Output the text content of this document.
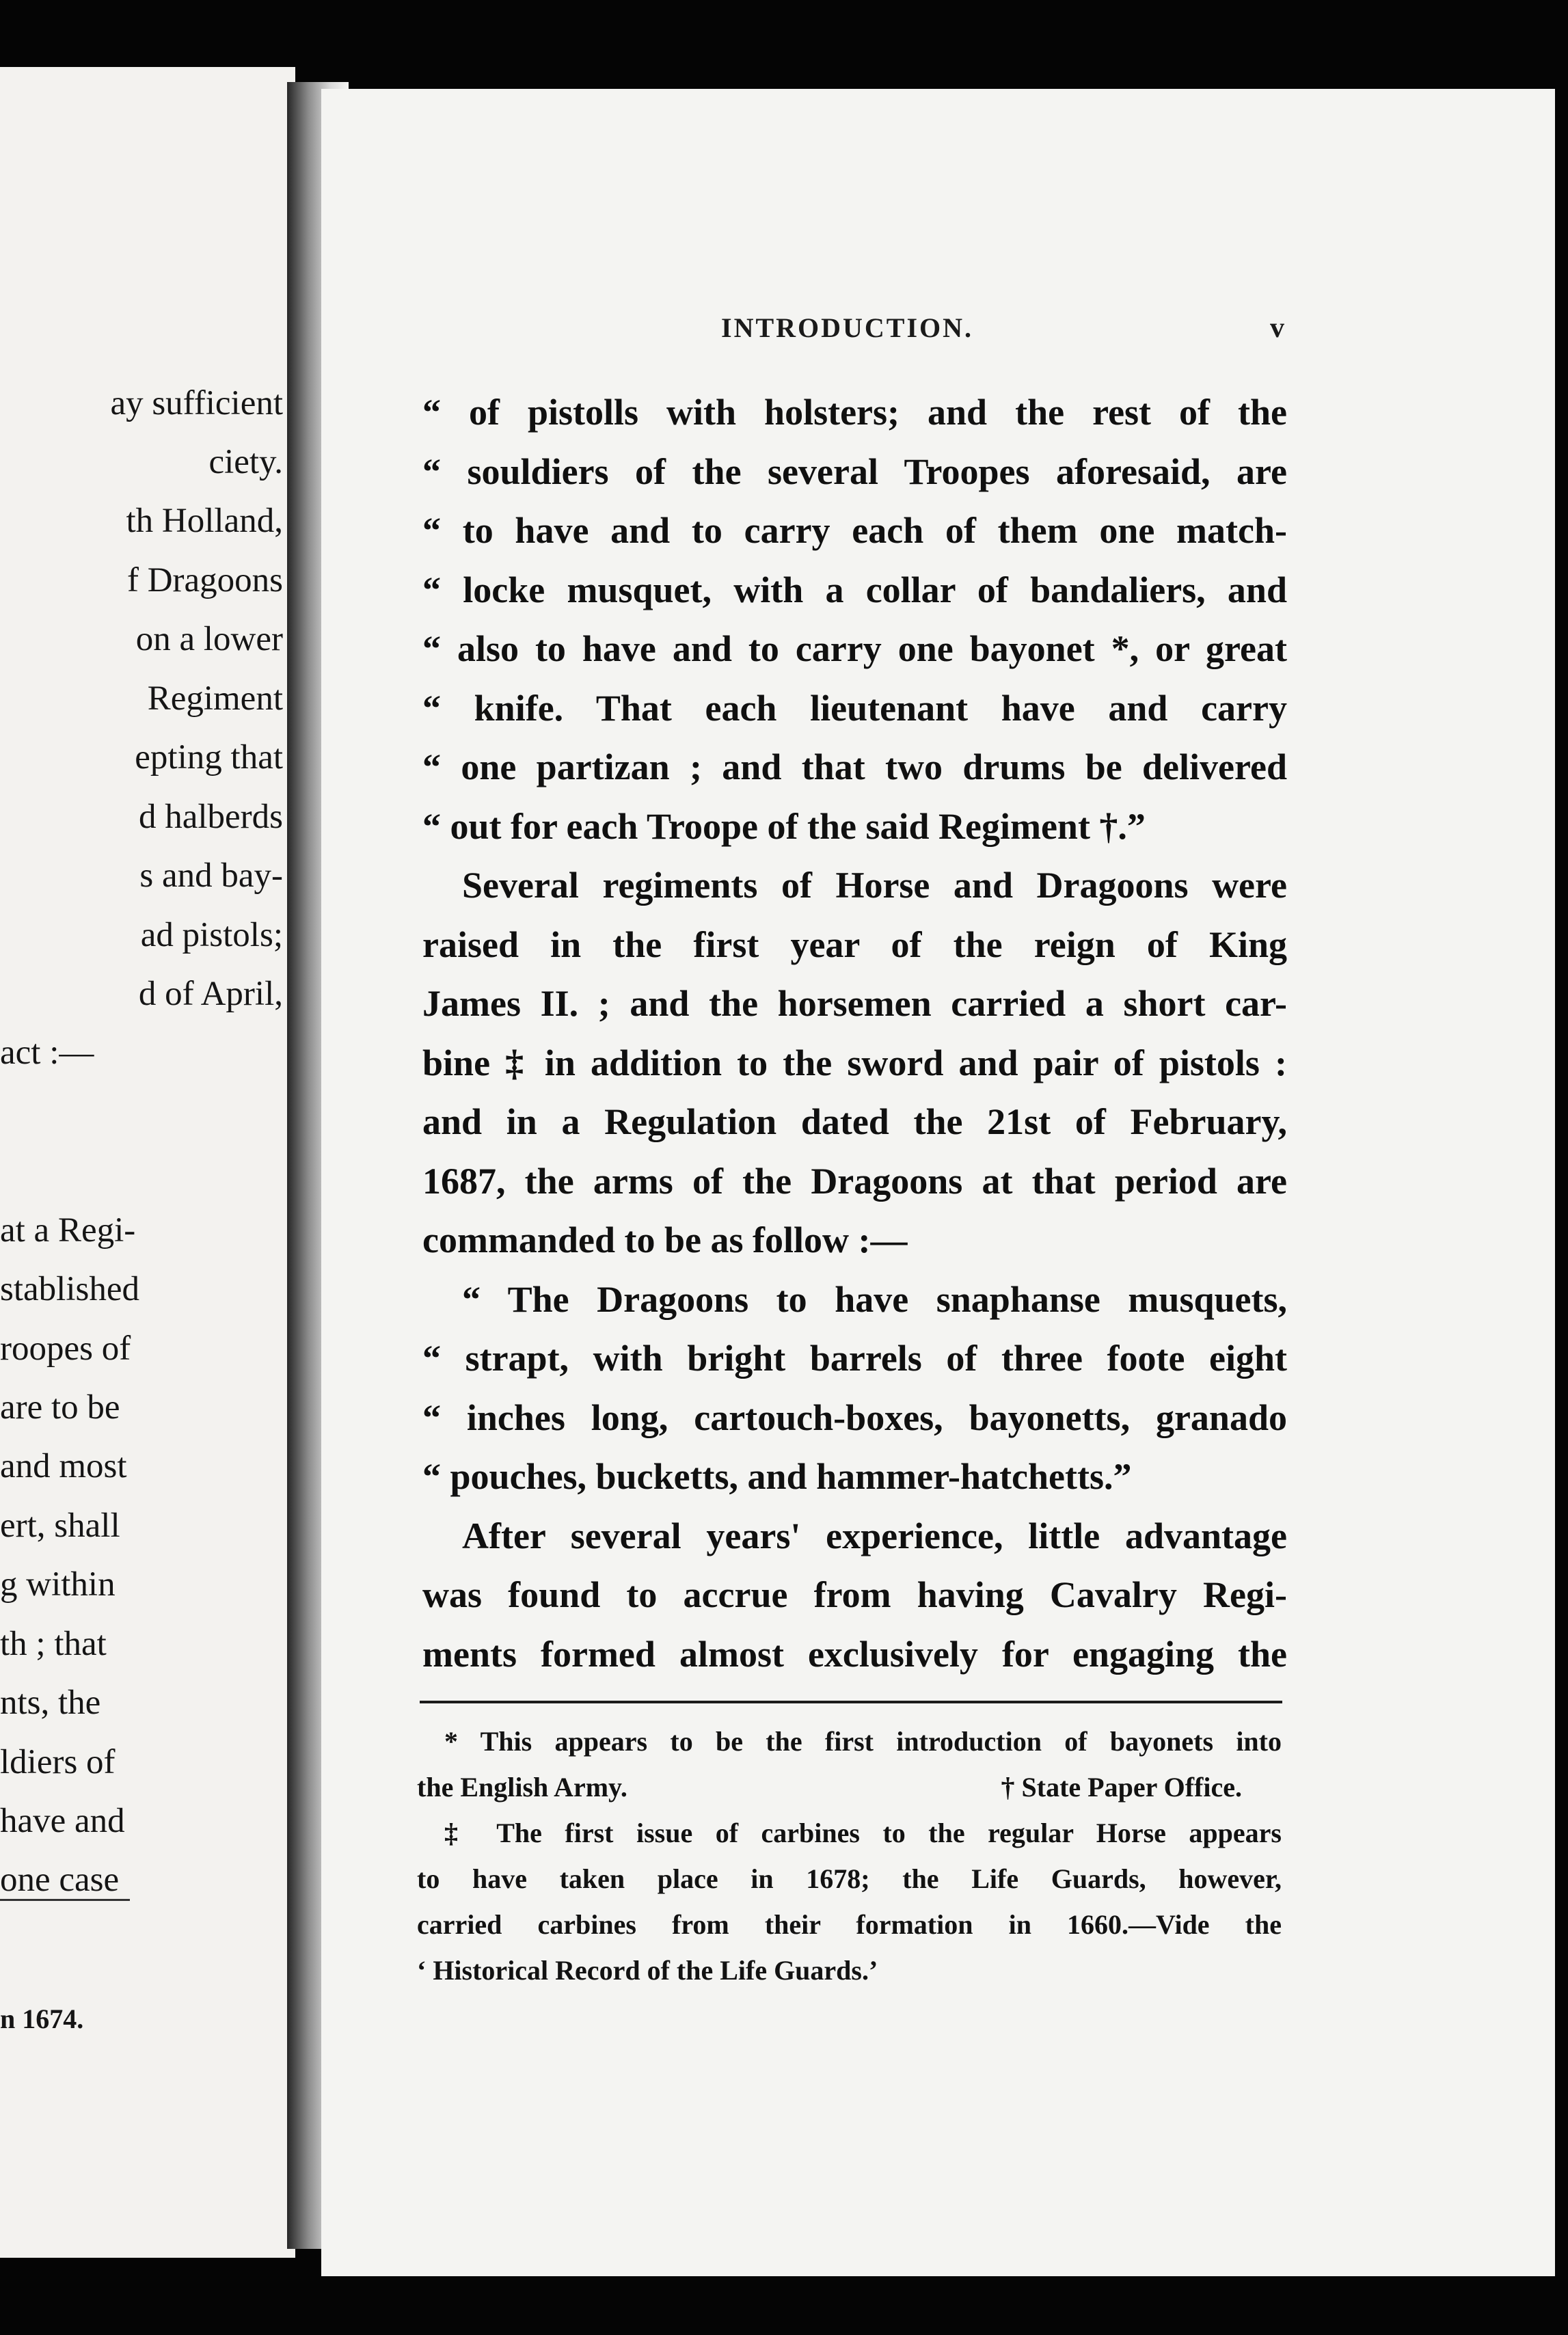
ay sufficient
ciety.
th Holland,
f Dragoons
on a lower
Regiment
epting that
d halberds
s and bay-
ad pistols;
d of April,
act :—
at a Regi-
stablished
roopes of
are to be
and most
ert, shall
g within
th ; that
nts, the
ldiers of
have and
one case
n 1674.
INTRODUCTION.	v
“ of pistolls with holsters; and the rest of the
“ souldiers of the several Troopes aforesaid, are
“ to have and to carry each of them one match-
“ locke musquet, with a collar of bandaliers, and
“ also to have and to carry one bayonet *, or great
“ knife. That each lieutenant have and carry
“ one partizan ; and that two drums be delivered
“ out for each Troope of the said Regiment †.”
Several regiments of Horse and Dragoons were
raised in the first year of the reign of King
James II. ; and the horsemen carried a short car-
bine ‡ in addition to the sword and pair of pistols :
and in a Regulation dated the 21st of February,
1687, the arms of the Dragoons at that period are
commanded to be as follow :—
“ The Dragoons to have snaphanse musquets,
“ strapt, with bright barrels of three foote eight
“ inches long, cartouch-boxes, bayonetts, granado
“ pouches, bucketts, and hammer-hatchetts.”
After several years' experience, little advantage
was found to accrue from having Cavalry Regi-
ments formed almost exclusively for engaging the
* This appears to be the first introduction of bayonets into
the English Army.	† State Paper Office.
‡ The first issue of carbines to the regular Horse appears
to have taken place in 1678; the Life Guards, however,
carried carbines from their formation in 1660.—Vide the
‘ Historical Record of the Life Guards.’
